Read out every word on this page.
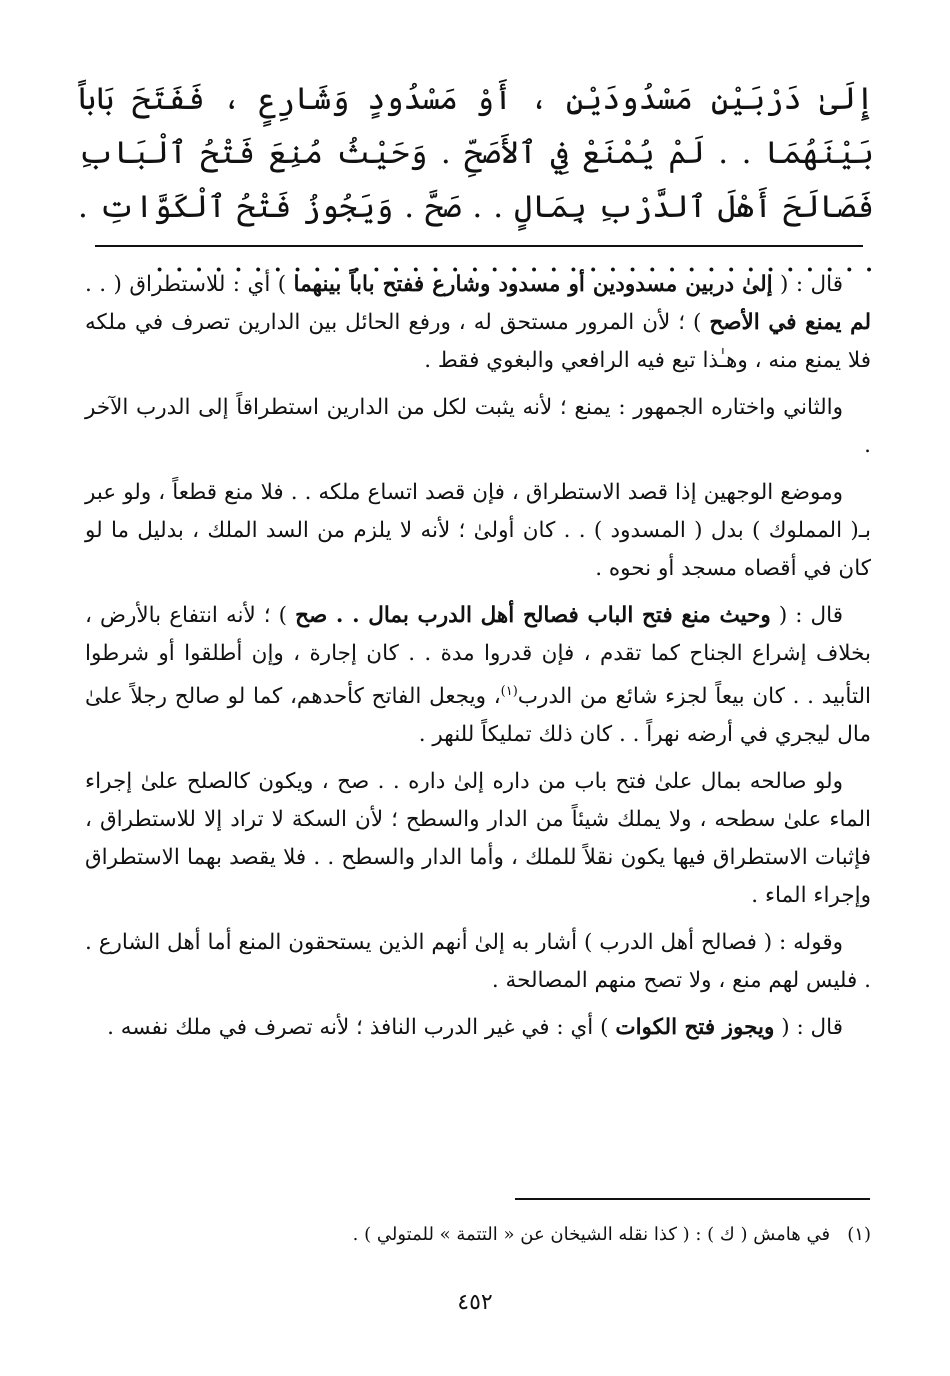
إِلَىٰ دَرْبَيْنِ مَسْدُودَيْنِ ، أَوْ مَسْدُودٍ وَشَارِعٍ ، فَفَتَحَ بَاباً بَيْنَهُمَا . . لَمْ يُمْنَعْ فِي ٱلأَصَحِّ . وَحَيْثُ مُنِعَ فَتْحُ ٱلْبَابِ فَصَالَحَ أَهْلَ ٱلدَّرْبِ بِمَالٍ . . صَحَّ . وَيَجُوزُ فَتْحُ ٱلْكَوَّاتِ . . . . . . . . . . . . . . . . . . . . . . . . . . . . . . . . . . . . . .

قال : ( إلىٰ دربين مسدودين أو مسدود وشارع ففتح باباً بينهما ) أي : للاستطراق ( . . لم يمنع في الأصح ) ؛ لأن المرور مستحق له ، ورفع الحائل بين الدارين تصرف في ملكه فلا يمنع منه ، وهـٰذا تبع فيه الرافعي والبغوي فقط .

والثاني واختاره الجمهور : يمنع ؛ لأنه يثبت لكل من الدارين استطراقاً إلى الدرب الآخر .

وموضع الوجهين إذا قصد الاستطراق ، فإن قصد اتساع ملكه . . فلا منع قطعاً ، ولو عبر بـ( المملوك ) بدل ( المسدود ) . . كان أولىٰ ؛ لأنه لا يلزم من السد الملك ، بدليل ما لو كان في أقصاه مسجد أو نحوه .

قال : ( وحيث منع فتح الباب فصالح أهل الدرب بمال . . صح ) ؛ لأنه انتفاع بالأرض ، بخلاف إشراع الجناح كما تقدم ، فإن قدروا مدة . . كان إجارة ، وإن أطلقوا أو شرطوا التأبيد . . كان بيعاً لجزء شائع من الدرب$^{(١)}$، ويجعل الفاتح كأحدهم، كما لو صالح رجلاً علىٰ مال ليجري في أرضه نهراً . . كان ذلك تمليكاً للنهر .

ولو صالحه بمال علىٰ فتح باب من داره إلىٰ داره . . صح ، ويكون كالصلح علىٰ إجراء الماء علىٰ سطحه ، ولا يملك شيئاً من الدار والسطح ؛ لأن السكة لا تراد إلا للاستطراق ، فإثبات الاستطراق فيها يكون نقلاً للملك ، وأما الدار والسطح . . فلا يقصد بهما الاستطراق وإجراء الماء .

وقوله : ( فصالح أهل الدرب ) أشار به إلىٰ أنهم الذين يستحقون المنع أما أهل الشارع . . فليس لهم منع ، ولا تصح منهم المصالحة .

قال : ( ويجوز فتح الكوات ) أي : في غير الدرب النافذ ؛ لأنه تصرف في ملك نفسه .

(١)   في هامش ( ك ) : ( كذا نقله الشيخان عن « التتمة » للمتولي ) .
٤٥٢
